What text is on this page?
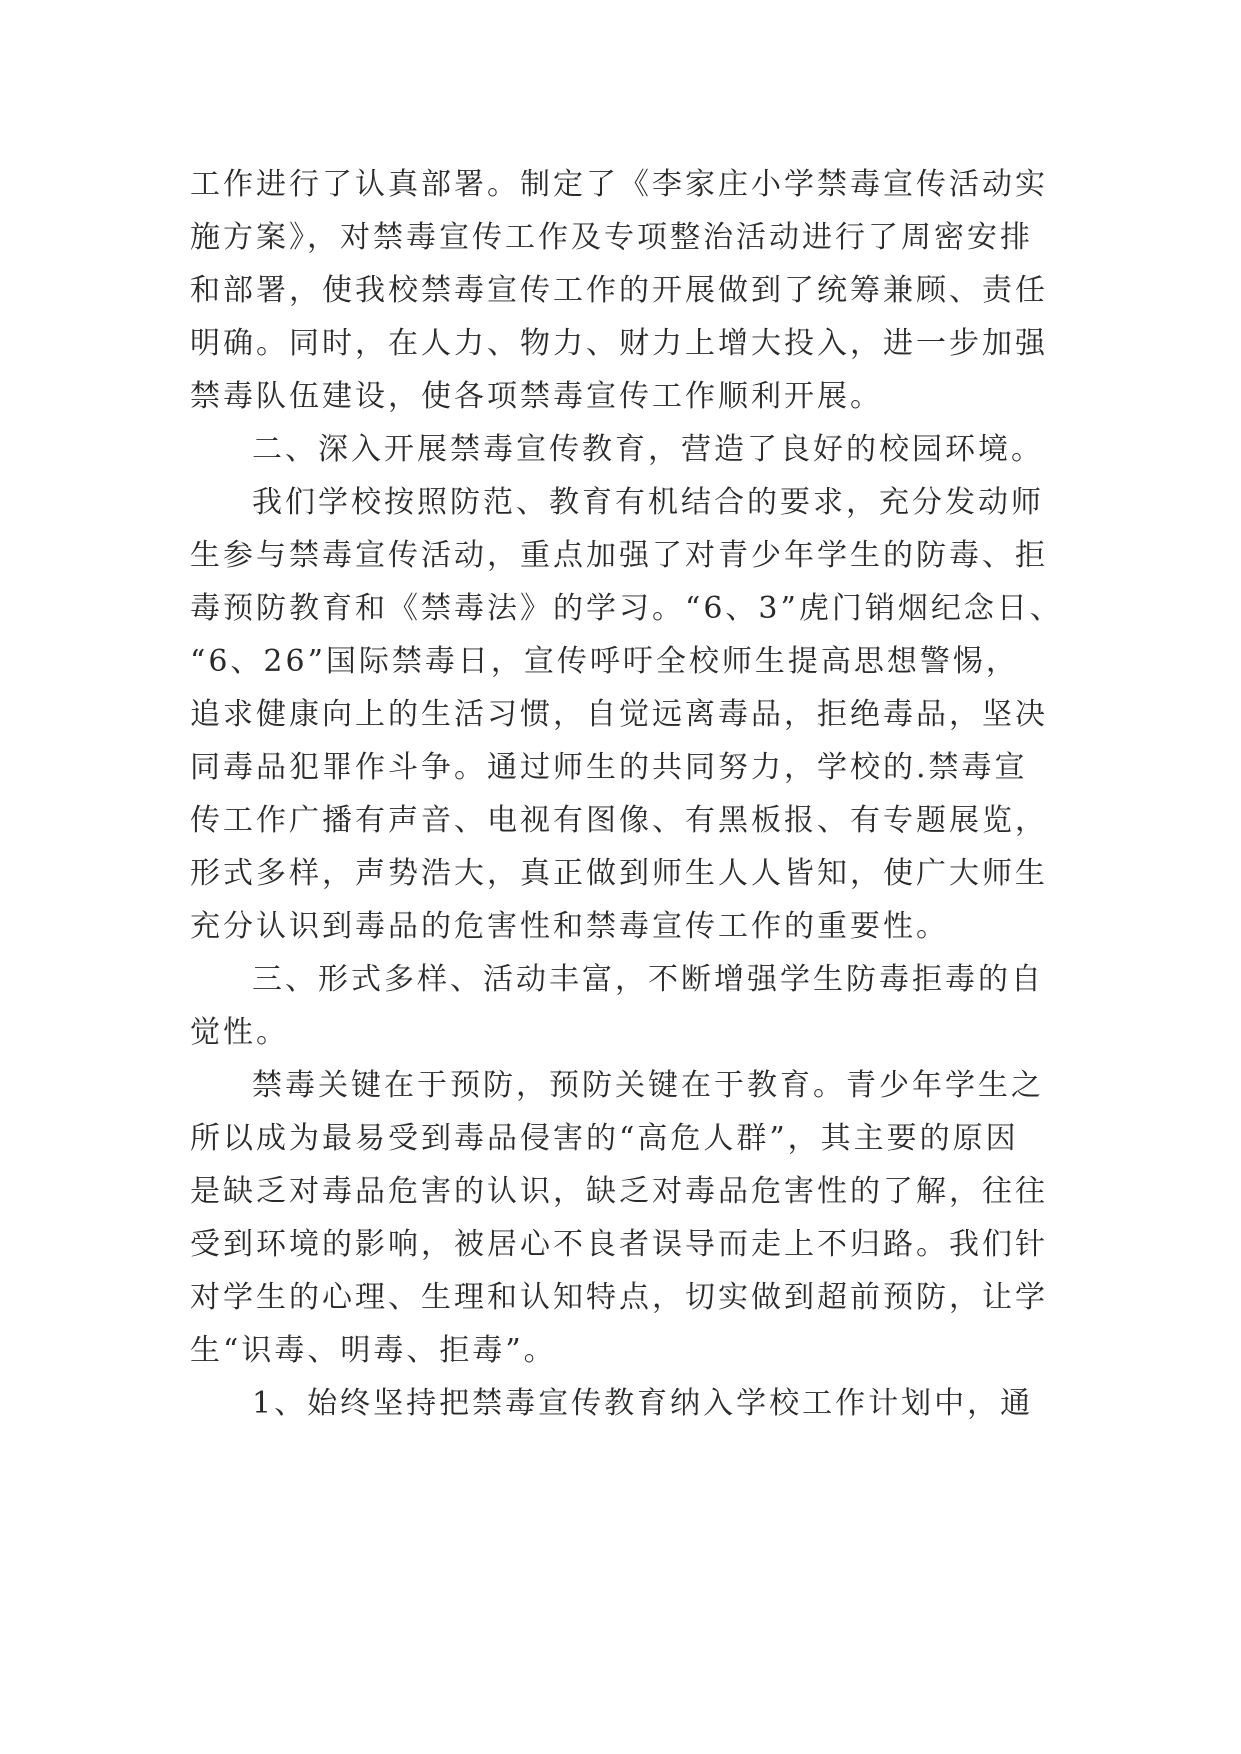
工作进行了认真部署。制定了《李家庄小学禁毒宣传活动实
施方案》，对禁毒宣传工作及专项整治活动进行了周密安排
和部署，使我校禁毒宣传工作的开展做到了统筹兼顾、责任
明确。同时，在人力、物力、财力上增大投入，进一步加强
禁毒队伍建设，使各项禁毒宣传工作顺利开展。
二、深入开展禁毒宣传教育，营造了良好的校园环境。
我们学校按照防范、教育有机结合的要求，充分发动师
生参与禁毒宣传活动，重点加强了对青少年学生的防毒、拒
毒预防教育和《禁毒法》的学习。“6、3”虎门销烟纪念日、
“6、26”国际禁毒日，宣传呼吁全校师生提高思想警惕，
追求健康向上的生活习惯，自觉远离毒品，拒绝毒品，坚决
同毒品犯罪作斗争。通过师生的共同努力，学校的.禁毒宣
传工作广播有声音、电视有图像、有黑板报、有专题展览，
形式多样，声势浩大，真正做到师生人人皆知，使广大师生
充分认识到毒品的危害性和禁毒宣传工作的重要性。
三、形式多样、活动丰富，不断增强学生防毒拒毒的自
觉性。
禁毒关键在于预防，预防关键在于教育。青少年学生之
所以成为最易受到毒品侵害的“高危人群”，其主要的原因
是缺乏对毒品危害的认识，缺乏对毒品危害性的了解，往往
受到环境的影响，被居心不良者误导而走上不归路。我们针
对学生的心理、生理和认知特点，切实做到超前预防，让学
生“识毒、明毒、拒毒”。
1、始终坚持把禁毒宣传教育纳入学校工作计划中，通
